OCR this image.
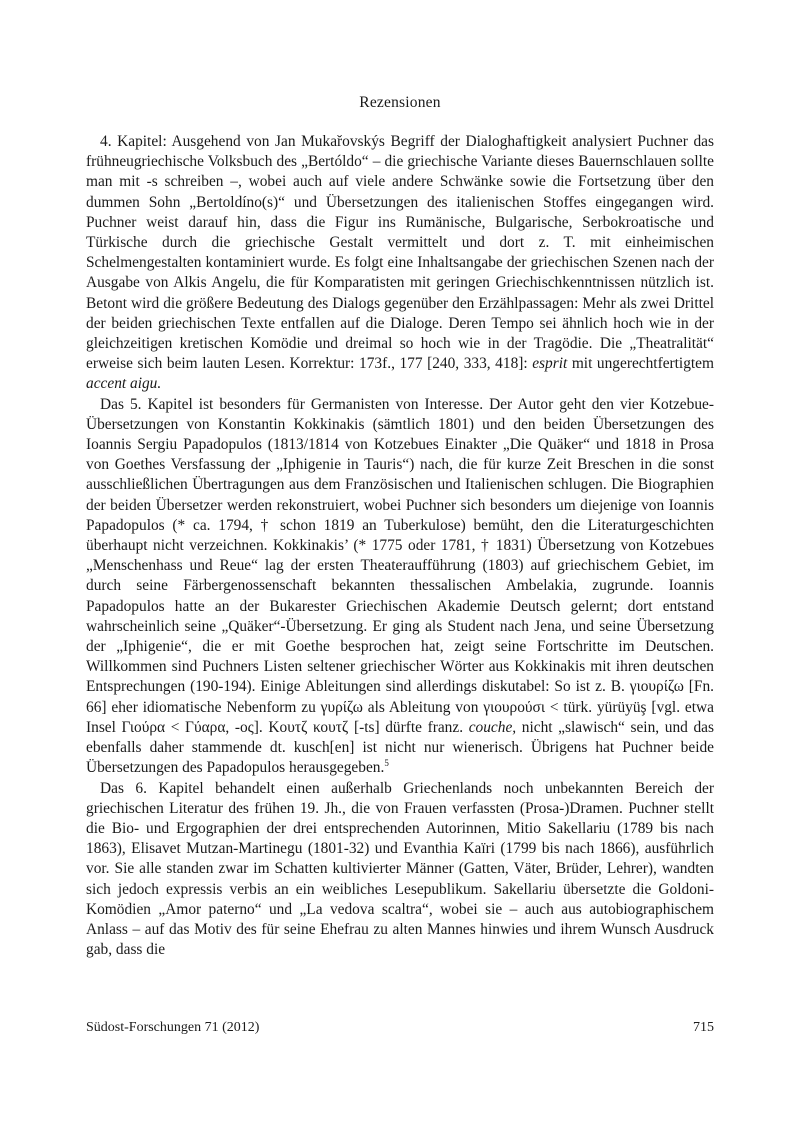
Rezensionen

4. Kapitel: Ausgehend von Jan Mukařovskýs Begriff der Dialoghaftigkeit analysiert Puchner das frühneugriechische Volksbuch des „Bertóldo“ – die griechische Variante dieses Bauernschlauen sollte man mit -s schreiben –, wobei auch auf viele andere Schwänke sowie die Fortsetzung über den dummen Sohn „Bertoldíno(s)“ und Übersetzungen des italienischen Stoffes eingegangen wird. Puchner weist darauf hin, dass die Figur ins Rumänische, Bulgarische, Serbokroatische und Türkische durch die griechische Gestalt vermittelt und dort z. T. mit einheimischen Schelmengestalten kontaminiert wurde. Es folgt eine Inhaltsangabe der griechischen Szenen nach der Ausgabe von Alkis Angelu, die für Komparatisten mit geringen Griechischkenntnissen nützlich ist. Betont wird die größere Bedeutung des Dialogs gegenüber den Erzählpassagen: Mehr als zwei Drittel der beiden griechischen Texte entfallen auf die Dialoge. Deren Tempo sei ähnlich hoch wie in der gleichzeitigen kretischen Komödie und dreimal so hoch wie in der Tragödie. Die „Theatralität“ erweise sich beim lauten Lesen. Korrektur: 173f., 177 [240, 333, 418]: esprit mit ungerechtfertigtem accent aigu.

Das 5. Kapitel ist besonders für Germanisten von Interesse. Der Autor geht den vier Kotzebue-Übersetzungen von Konstantin Kokkinakis (sämtlich 1801) und den beiden Übersetzungen des Ioannis Sergiu Papadopulos (1813/1814 von Kotzebues Einakter „Die Quäker“ und 1818 in Prosa von Goethes Versfassung der „Iphigenie in Tauris“) nach, die für kurze Zeit Breschen in die sonst ausschließlichen Übertragungen aus dem Französischen und Italienischen schlugen. Die Biographien der beiden Übersetzer werden rekonstruiert, wobei Puchner sich besonders um diejenige von Ioannis Papadopulos (* ca. 1794, † schon 1819 an Tuberkulose) bemüht, den die Literaturgeschichten überhaupt nicht verzeichnen. Kokkinakis’ (* 1775 oder 1781, † 1831) Übersetzung von Kotzebues „Menschenhass und Reue“ lag der ersten Theateraufführung (1803) auf griechischem Gebiet, im durch seine Färbergenossenschaft bekannten thessalischen Ambelakia, zugrunde. Ioannis Papadopulos hatte an der Bukarester Griechischen Akademie Deutsch gelernt; dort entstand wahrscheinlich seine „Quäker“-Übersetzung. Er ging als Student nach Jena, und seine Übersetzung der „Iphigenie“, die er mit Goethe besprochen hat, zeigt seine Fortschritte im Deutschen. Willkommen sind Puchners Listen seltener griechischer Wörter aus Kokkinakis mit ihren deutschen Entsprechungen (190-194). Einige Ableitungen sind allerdings diskutabel: So ist z. B. γιουρίζω [Fn. 66] eher idiomatische Nebenform zu γυρίζω als Ableitung von γιουρούσι < türk. yürüyüş [vgl. etwa Insel Γιούρα < Γύαρα, -ος]. Κουτζ κουτζ [-ts] dürfte franz. couche, nicht „slawisch“ sein, und das ebenfalls daher stammende dt. kusch[en] ist nicht nur wienerisch. Übrigens hat Puchner beide Übersetzungen des Papadopulos herausgegeben.$^5$

Das 6. Kapitel behandelt einen außerhalb Griechenlands noch unbekannten Bereich der griechischen Literatur des frühen 19. Jh., die von Frauen verfassten (Prosa-)Dramen. Puchner stellt die Bio- und Ergographien der drei entsprechenden Autorinnen, Mitio Sakellariu (1789 bis nach 1863), Elisavet Mutzan-Martinegu (1801-32) und Evanthia Kaïri (1799 bis nach 1866), ausführlich vor. Sie alle standen zwar im Schatten kultivierter Männer (Gatten, Väter, Brüder, Lehrer), wandten sich jedoch expressis verbis an ein weibliches Lesepublikum. Sakellariu übersetzte die Goldoni-Komödien „Amor paterno“ und „La vedova scaltra“, wobei sie – auch aus autobiographischem Anlass – auf das Motiv des für seine Ehefrau zu alten Mannes hinwies und ihrem Wunsch Ausdruck gab, dass die

Südost-Forschungen 71 (2012)	715
